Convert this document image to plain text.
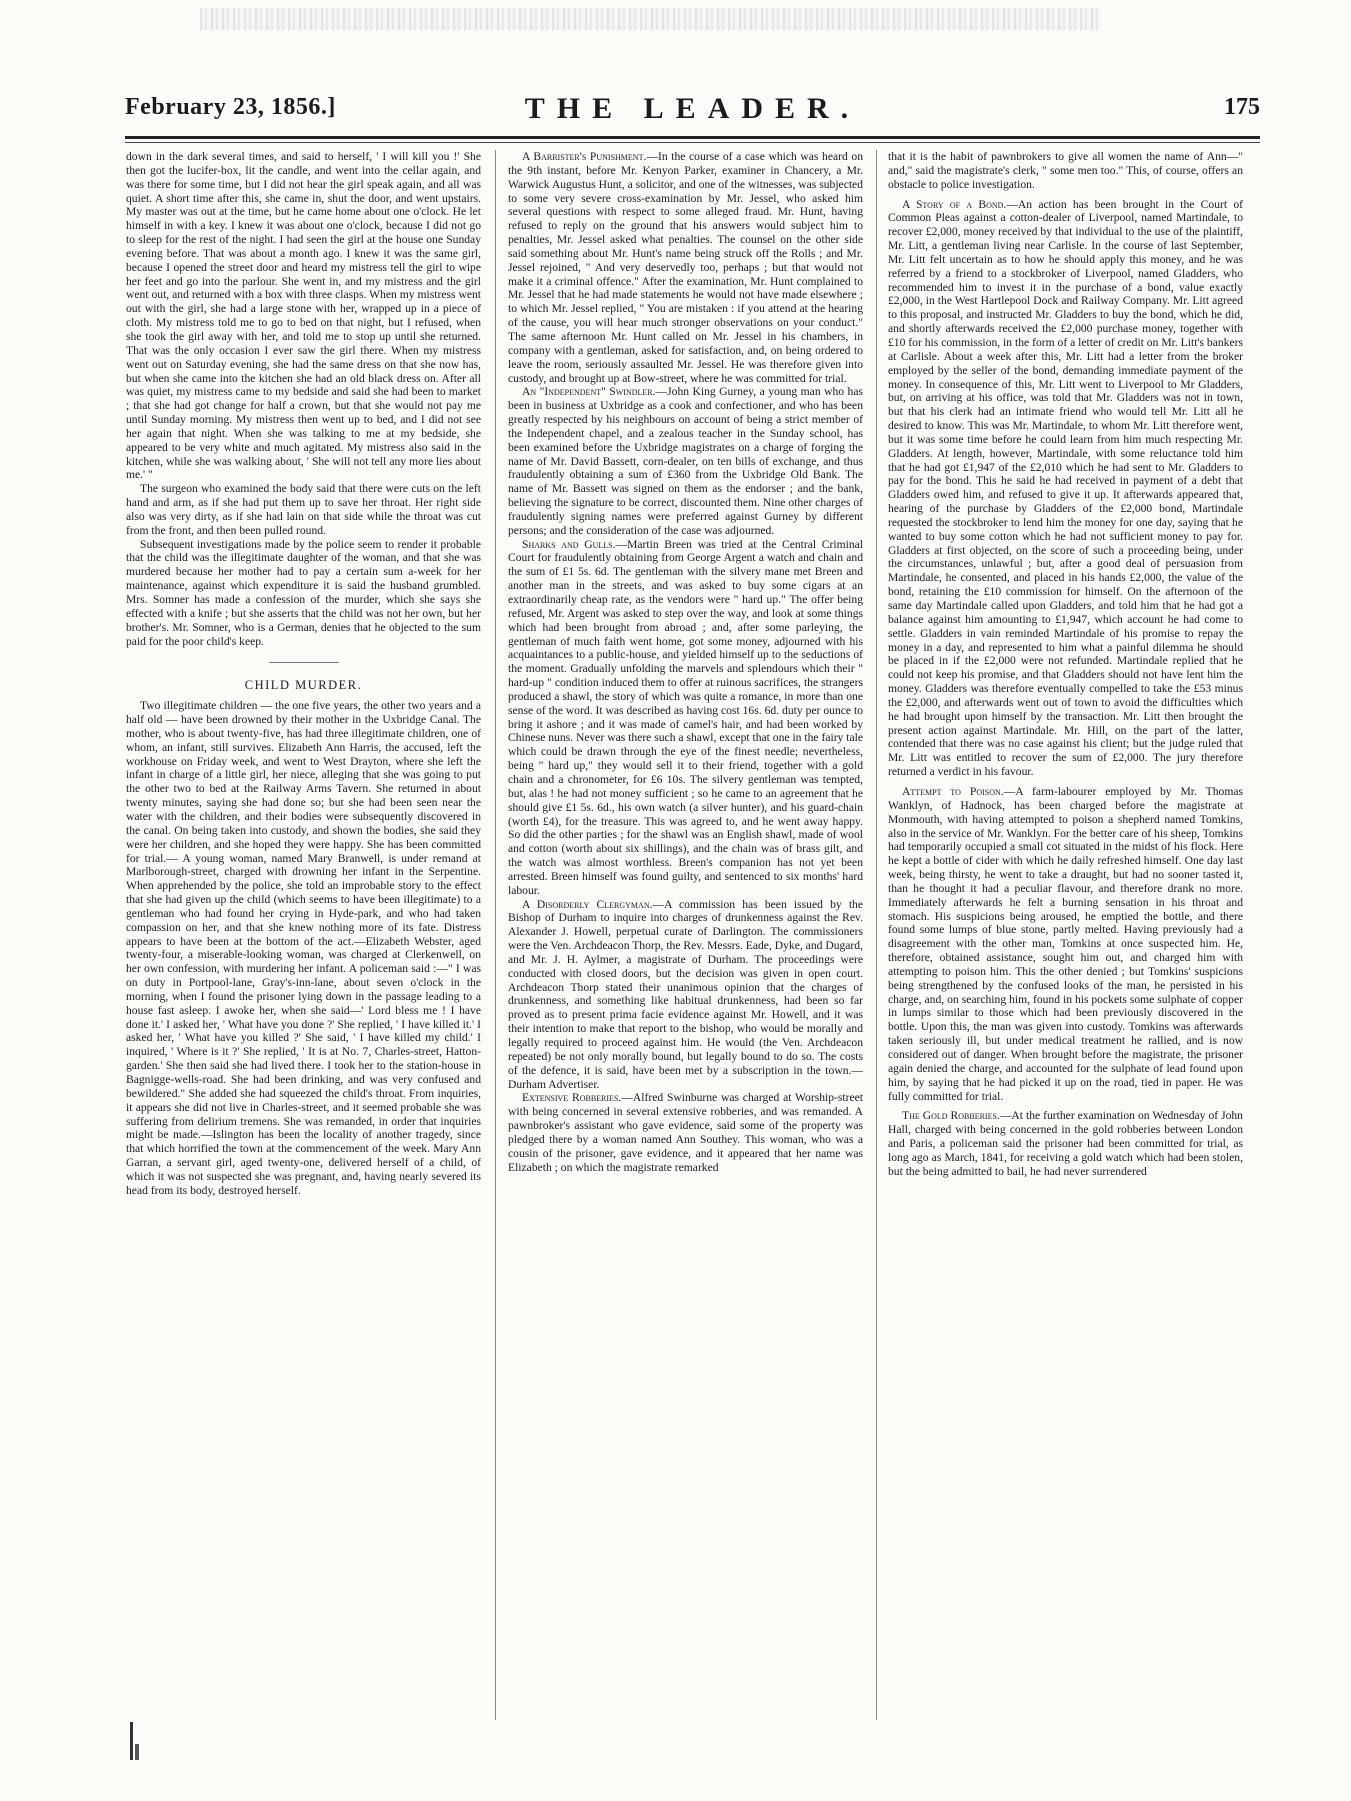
February 23, 1856.]	THE LEADER.	175

down in the dark several times, and said to herself, ' I will kill you !' She then got the lucifer-box, lit the candle, and went into the cellar again, and was there for some time, but I did not hear the girl speak again, and all was quiet. A short time after this, she came in, shut the door, and went upstairs. My master was out at the time, but he came home about one o'clock. He let himself in with a key. I knew it was about one o'clock, because I did not go to sleep for the rest of the night. I had seen the girl at the house one Sunday evening before. That was about a month ago. I knew it was the same girl, because I opened the street door and heard my mistress tell the girl to wipe her feet and go into the parlour. She went in, and my mistress and the girl went out, and returned with a box with three clasps. When my mistress went out with the girl, she had a large stone with her, wrapped up in a piece of cloth. My mistress told me to go to bed on that night, but I refused, when she took the girl away with her, and told me to stop up until she returned. That was the only occasion I ever saw the girl there. When my mistress went out on Saturday evening, she had the same dress on that she now has, but when she came into the kitchen she had an old black dress on. After all was quiet, my mistress came to my bedside and said she had been to market ; that she had got change for half a crown, but that she would not pay me until Sunday morning. My mistress then went up to bed, and I did not see her again that night. When she was talking to me at my bedside, she appeared to be very white and much agitated. My mistress also said in the kitchen, while she was walking about, ' She will not tell any more lies about me.' "

The surgeon who examined the body said that there were cuts on the left hand and arm, as if she had put them up to save her throat. Her right side also was very dirty, as if she had lain on that side while the throat was cut from the front, and then been pulled round.

Subsequent investigations made by the police seem to render it probable that the child was the illegitimate daughter of the woman, and that she was murdered because her mother had to pay a certain sum a-week for her maintenance, against which expenditure it is said the husband grumbled. Mrs. Somner has made a confession of the murder, which she says she effected with a knife ; but she asserts that the child was not her own, but her brother's. Mr. Somner, who is a German, denies that he objected to the sum paid for the poor child's keep.

CHILD MURDER.

Two illegitimate children — the one five years, the other two years and a half old — have been drowned by their mother in the Uxbridge Canal. The mother, who is about twenty-five, has had three illegitimate children, one of whom, an infant, still survives. Elizabeth Ann Harris, the accused, left the workhouse on Friday week, and went to West Drayton, where she left the infant in charge of a little girl, her niece, alleging that she was going to put the other two to bed at the Railway Arms Tavern. She returned in about twenty minutes, saying she had done so; but she had been seen near the water with the children, and their bodies were subsequently discovered in the canal. On being taken into custody, and shown the bodies, she said they were her children, and she hoped they were happy. She has been committed for trial.— A young woman, named Mary Branwell, is under remand at Marlborough-street, charged with drowning her infant in the Serpentine. When apprehended by the police, she told an improbable story to the effect that she had given up the child (which seems to have been illegitimate) to a gentleman who had found her crying in Hyde-park, and who had taken compassion on her, and that she knew nothing more of its fate. Distress appears to have been at the bottom of the act.—Elizabeth Webster, aged twenty-four, a miserable-looking woman, was charged at Clerkenwell, on her own confession, with murdering her infant. A policeman said :—" I was on duty in Portpool-lane, Gray's-inn-lane, about seven o'clock in the morning, when I found the prisoner lying down in the passage leading to a house fast asleep. I awoke her, when she said—' Lord bless me ! I have done it.' I asked her, ' What have you done ?' She replied, ' I have killed it.' I asked her, ' What have you killed ?' She said, ' I have killed my child.' I inquired, ' Where is it ?' She replied, ' It is at No. 7, Charles-street, Hatton-garden.' She then said she had lived there. I took her to the station-house in Bagnigge-wells-road. She had been drinking, and was very confused and bewildered." She added she had squeezed the child's throat. From inquiries, it appears she did not live in Charles-street, and it seemed probable she was suffering from delirium tremens. She was remanded, in order that inquiries might be made.—Islington has been the locality of another tragedy, since that which horrified the town at the commencement of the week. Mary Ann Garran, a servant girl, aged twenty-one, delivered herself of a child, of which it was not suspected she was pregnant, and, having nearly severed its head from its body, destroyed herself.

A Barrister's Punishment.—In the course of a case which was heard on the 9th instant, before Mr. Kenyon Parker, examiner in Chancery, a Mr. Warwick Augustus Hunt, a solicitor, and one of the witnesses, was subjected to some very severe cross-examination by Mr. Jessel, who asked him several questions with respect to some alleged fraud. Mr. Hunt, having refused to reply on the ground that his answers would subject him to penalties, Mr. Jessel asked what penalties. The counsel on the other side said something about Mr. Hunt's name being struck off the Rolls ; and Mr. Jessel rejoined, " And very deservedly too, perhaps ; but that would not make it a criminal offence." After the examination, Mr. Hunt complained to Mr. Jessel that he had made statements he would not have made elsewhere ; to which Mr. Jessel replied, " You are mistaken : if you attend at the hearing of the cause, you will hear much stronger observations on your conduct." The same afternoon Mr. Hunt called on Mr. Jessel in his chambers, in company with a gentleman, asked for satisfaction, and, on being ordered to leave the room, seriously assaulted Mr. Jessel. He was therefore given into custody, and brought up at Bow-street, where he was committed for trial.

An "Independent" Swindler.—John King Gurney, a young man who has been in business at Uxbridge as a cook and confectioner, and who has been greatly respected by his neighbours on account of being a strict member of the Independent chapel, and a zealous teacher in the Sunday school, has been examined before the Uxbridge magistrates on a charge of forging the name of Mr. David Bassett, corn-dealer, on ten bills of exchange, and thus fraudulently obtaining a sum of £360 from the Uxbridge Old Bank. The name of Mr. Bassett was signed on them as the endorser ; and the bank, believing the signature to be correct, discounted them. Nine other charges of fraudulently signing names were preferred against Gurney by different persons; and the consideration of the case was adjourned.

Sharks and Gulls.—Martin Breen was tried at the Central Criminal Court for fraudulently obtaining from George Argent a watch and chain and the sum of £1 5s. 6d. The gentleman with the silvery mane met Breen and another man in the streets, and was asked to buy some cigars at an extraordinarily cheap rate, as the vendors were " hard up." The offer being refused, Mr. Argent was asked to step over the way, and look at some things which had been brought from abroad ; and, after some parleying, the gentleman of much faith went home, got some money, adjourned with his acquaintances to a public-house, and yielded himself up to the seductions of the moment. Gradually unfolding the marvels and splendours which their " hard-up " condition induced them to offer at ruinous sacrifices, the strangers produced a shawl, the story of which was quite a romance, in more than one sense of the word. It was described as having cost 16s. 6d. duty per ounce to bring it ashore ; and it was made of camel's hair, and had been worked by Chinese nuns. Never was there such a shawl, except that one in the fairy tale which could be drawn through the eye of the finest needle; nevertheless, being " hard up," they would sell it to their friend, together with a gold chain and a chronometer, for £6 10s. The silvery gentleman was tempted, but, alas ! he had not money sufficient ; so he came to an agreement that he should give £1 5s. 6d., his own watch (a silver hunter), and his guard-chain (worth £4), for the treasure. This was agreed to, and he went away happy. So did the other parties ; for the shawl was an English shawl, made of wool and cotton (worth about six shillings), and the chain was of brass gilt, and the watch was almost worthless. Breen's companion has not yet been arrested. Breen himself was found guilty, and sentenced to six months' hard labour.

A Disorderly Clergyman.—A commission has been issued by the Bishop of Durham to inquire into charges of drunkenness against the Rev. Alexander J. Howell, perpetual curate of Darlington. The commissioners were the Ven. Archdeacon Thorp, the Rev. Messrs. Eade, Dyke, and Dugard, and Mr. J. H. Aylmer, a magistrate of Durham. The proceedings were conducted with closed doors, but the decision was given in open court. Archdeacon Thorp stated their unanimous opinion that the charges of drunkenness, and something like habitual drunkenness, had been so far proved as to present prima facie evidence against Mr. Howell, and it was their intention to make that report to the bishop, who would be morally and legally required to proceed against him. He would (the Ven. Archdeacon repeated) be not only morally bound, but legally bound to do so. The costs of the defence, it is said, have been met by a subscription in the town.—Durham Advertiser.

Extensive Robberies.—Alfred Swinburne was charged at Worship-street with being concerned in several extensive robberies, and was remanded. A pawnbroker's assistant who gave evidence, said some of the property was pledged there by a woman named Ann Southey. This woman, who was a cousin of the prisoner, gave evidence, and it appeared that her name was Elizabeth ; on which the magistrate remarked

that it is the habit of pawnbrokers to give all women the name of Ann—" and," said the magistrate's clerk, " some men too." This, of course, offers an obstacle to police investigation.

A Story of a Bond.—An action has been brought in the Court of Common Pleas against a cotton-dealer of Liverpool, named Martindale, to recover £2,000, money received by that individual to the use of the plaintiff, Mr. Litt, a gentleman living near Carlisle. In the course of last September, Mr. Litt felt uncertain as to how he should apply this money, and he was referred by a friend to a stockbroker of Liverpool, named Gladders, who recommended him to invest it in the purchase of a bond, value exactly £2,000, in the West Hartlepool Dock and Railway Company. Mr. Litt agreed to this proposal, and instructed Mr. Gladders to buy the bond, which he did, and shortly afterwards received the £2,000 purchase money, together with £10 for his commission, in the form of a letter of credit on Mr. Litt's bankers at Carlisle. About a week after this, Mr. Litt had a letter from the broker employed by the seller of the bond, demanding immediate payment of the money. In consequence of this, Mr. Litt went to Liverpool to Mr Gladders, but, on arriving at his office, was told that Mr. Gladders was not in town, but that his clerk had an intimate friend who would tell Mr. Litt all he desired to know. This was Mr. Martindale, to whom Mr. Litt therefore went, but it was some time before he could learn from him much respecting Mr. Gladders. At length, however, Martindale, with some reluctance told him that he had got £1,947 of the £2,010 which he had sent to Mr. Gladders to pay for the bond. This he said he had received in payment of a debt that Gladders owed him, and refused to give it up. It afterwards appeared that, hearing of the purchase by Gladders of the £2,000 bond, Martindale requested the stockbroker to lend him the money for one day, saying that he wanted to buy some cotton which he had not sufficient money to pay for. Gladders at first objected, on the score of such a proceeding being, under the circumstances, unlawful ; but, after a good deal of persuasion from Martindale, he consented, and placed in his hands £2,000, the value of the bond, retaining the £10 commission for himself. On the afternoon of the same day Martindale called upon Gladders, and told him that he had got a balance against him amounting to £1,947, which account he had come to settle. Gladders in vain reminded Martindale of his promise to repay the money in a day, and represented to him what a painful dilemma he should be placed in if the £2,000 were not refunded. Martindale replied that he could not keep his promise, and that Gladders should not have lent him the money. Gladders was therefore eventually compelled to take the £53 minus the £2,000, and afterwards went out of town to avoid the difficulties which he had brought upon himself by the transaction. Mr. Litt then brought the present action against Martindale. Mr. Hill, on the part of the latter, contended that there was no case against his client; but the judge ruled that Mr. Litt was entitled to recover the sum of £2,000. The jury therefore returned a verdict in his favour.

Attempt to Poison.—A farm-labourer employed by Mr. Thomas Wanklyn, of Hadnock, has been charged before the magistrate at Monmouth, with having attempted to poison a shepherd named Tomkins, also in the service of Mr. Wanklyn. For the better care of his sheep, Tomkins had temporarily occupied a small cot situated in the midst of his flock. Here he kept a bottle of cider with which he daily refreshed himself. One day last week, being thirsty, he went to take a draught, but had no sooner tasted it, than he thought it had a peculiar flavour, and therefore drank no more. Immediately afterwards he felt a burning sensation in his throat and stomach. His suspicions being aroused, he emptied the bottle, and there found some lumps of blue stone, partly melted. Having previously had a disagreement with the other man, Tomkins at once suspected him. He, therefore, obtained assistance, sought him out, and charged him with attempting to poison him. This the other denied ; but Tomkins' suspicions being strengthened by the confused looks of the man, he persisted in his charge, and, on searching him, found in his pockets some sulphate of copper in lumps similar to those which had been previously discovered in the bottle. Upon this, the man was given into custody. Tomkins was afterwards taken seriously ill, but under medical treatment he rallied, and is now considered out of danger. When brought before the magistrate, the prisoner again denied the charge, and accounted for the sulphate of lead found upon him, by saying that he had picked it up on the road, tied in paper. He was fully committed for trial.

The Gold Robberies.—At the further examination on Wednesday of John Hall, charged with being concerned in the gold robberies between London and Paris, a policeman said the prisoner had been committed for trial, as long ago as March, 1841, for receiving a gold watch which had been stolen, but the being admitted to bail, he had never surrendered
